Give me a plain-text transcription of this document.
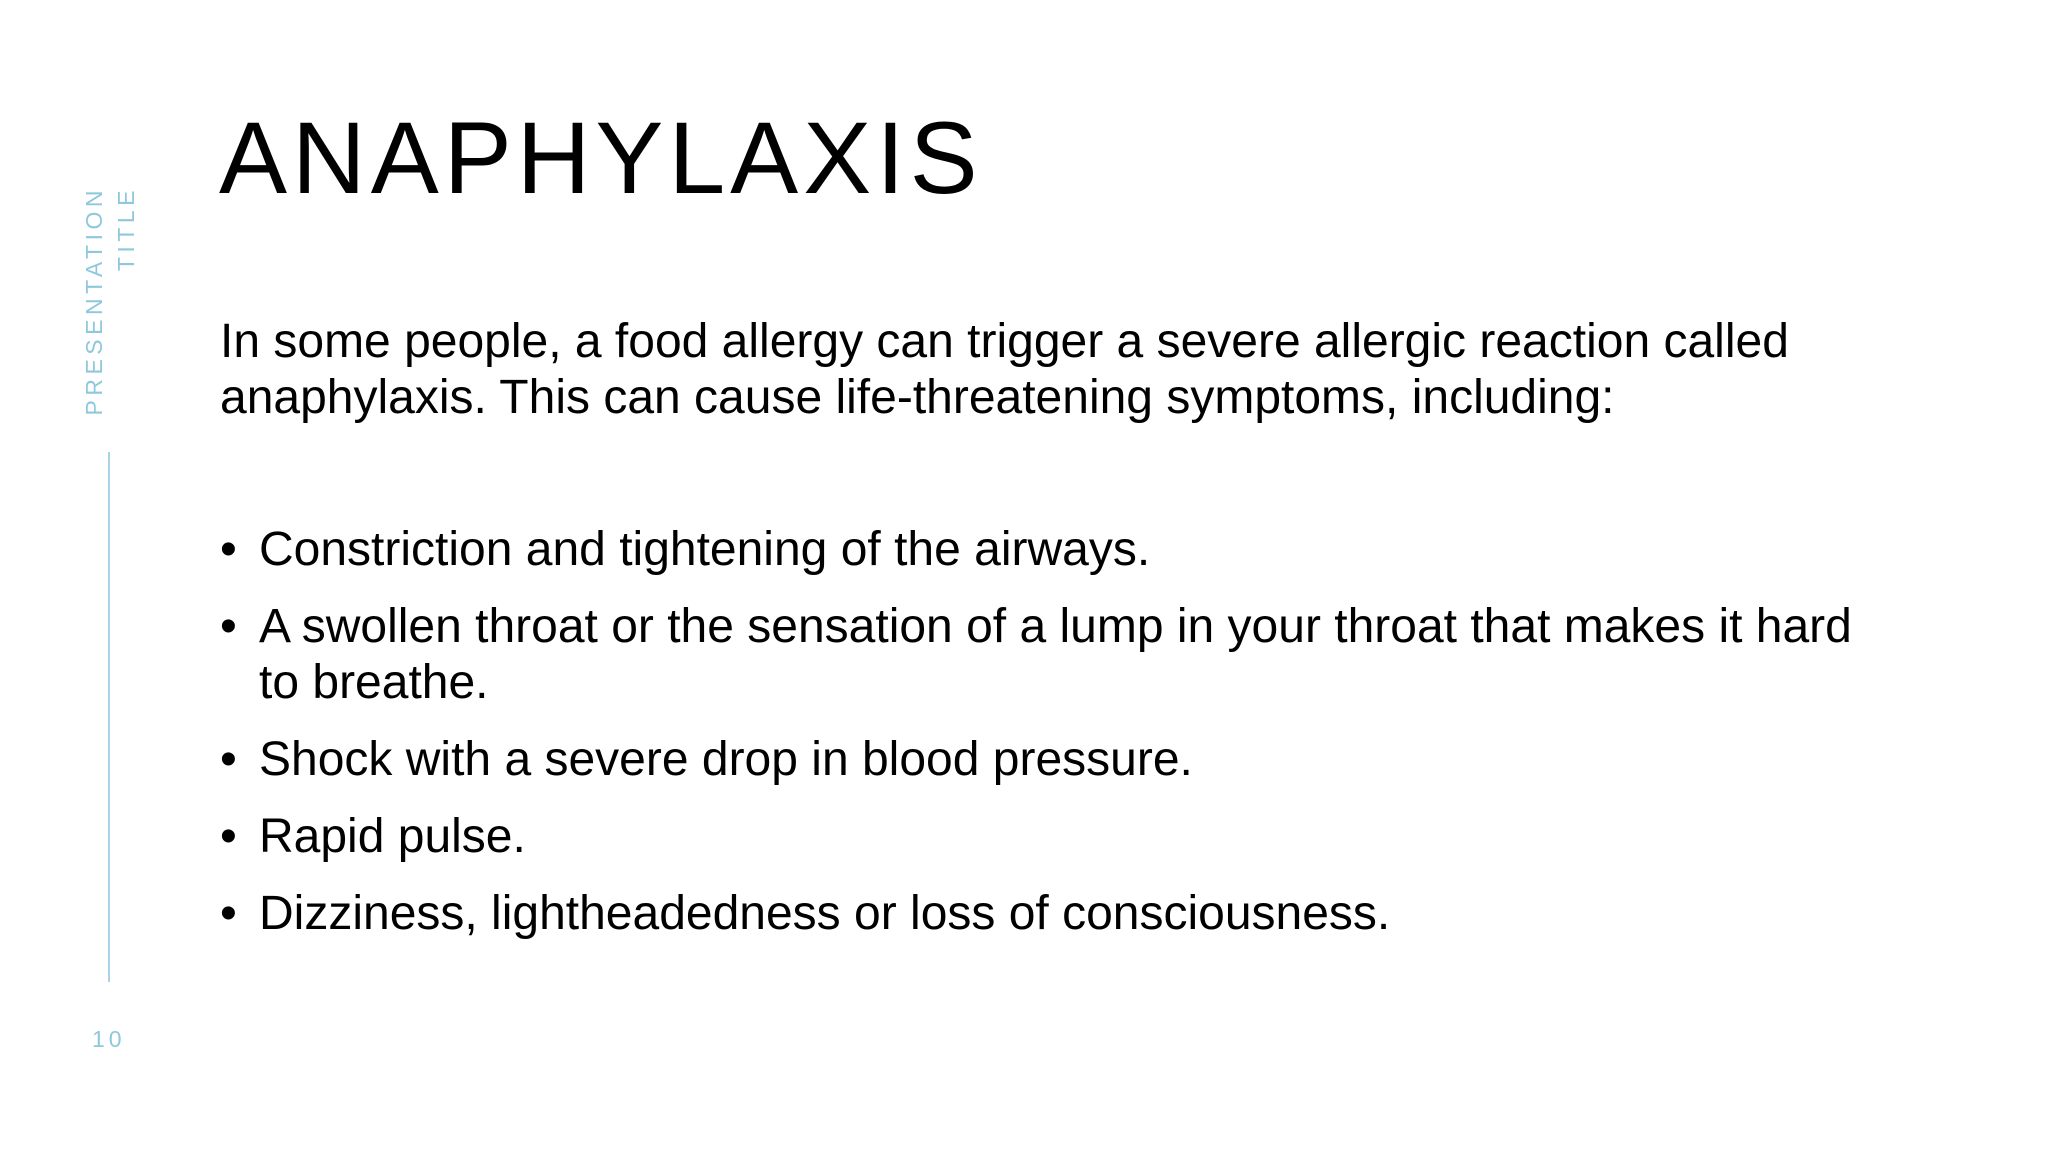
PRESENTATION TITLE
10
ANAPHYLAXIS

In some people, a food allergy can trigger a severe allergic reaction called anaphylaxis. This can cause life-threatening symptoms, including:

• Constriction and tightening of the airways.
• A swollen throat or the sensation of a lump in your throat that makes it hard to breathe.
• Shock with a severe drop in blood pressure.
• Rapid pulse.
• Dizziness, lightheadedness or loss of consciousness.
